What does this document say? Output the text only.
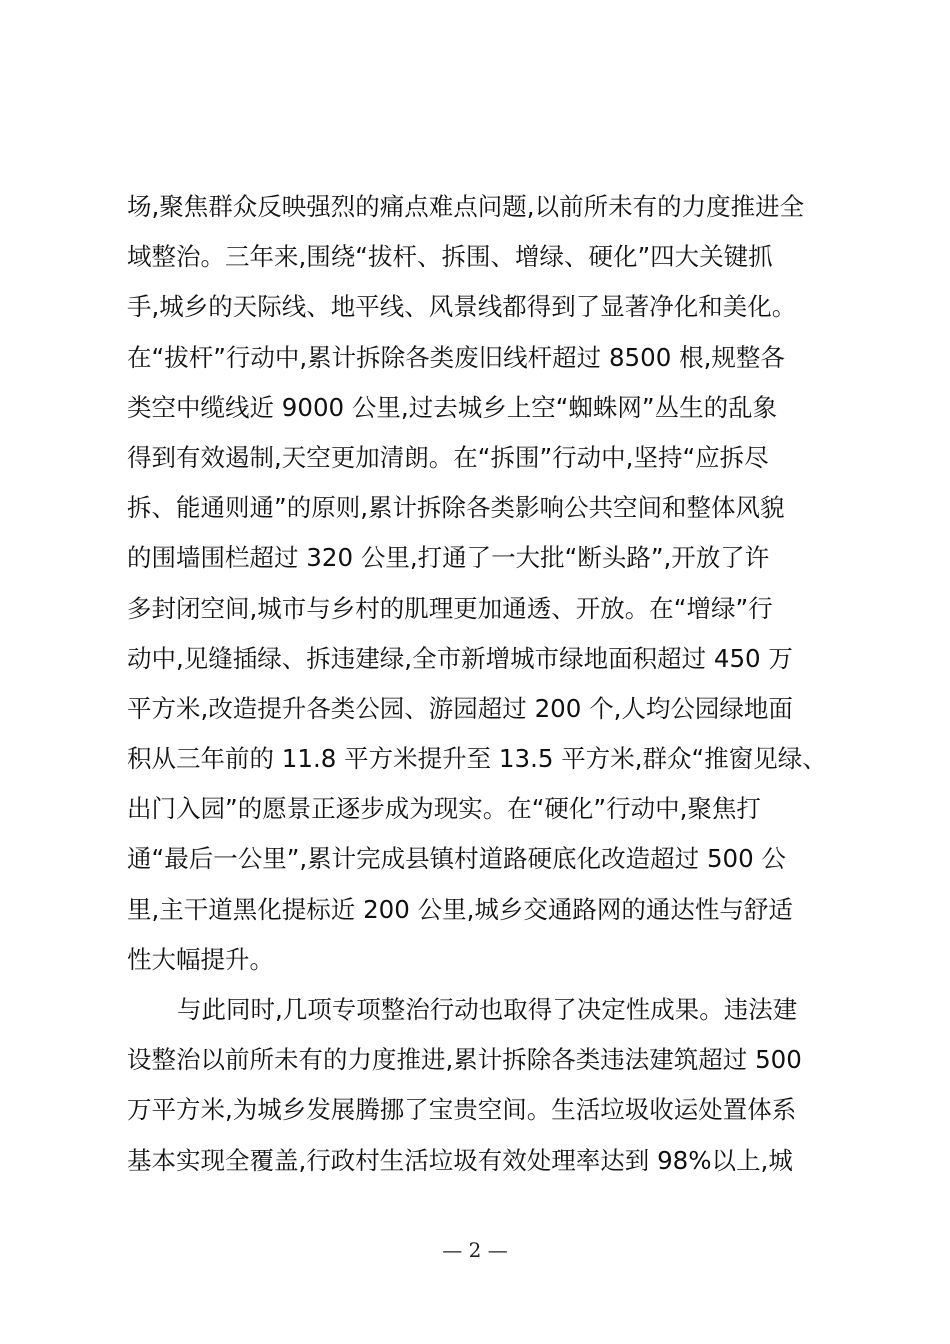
场,聚焦群众反映强烈的痛点难点问题,以前所未有的力度推进全
域整治。三年来,围绕“拔杆、拆围、增绿、硬化”四大关键抓
手,城乡的天际线、地平线、风景线都得到了显著净化和美化。
在“拔杆”行动中,累计拆除各类废旧线杆超过 8500 根,规整各
类空中缆线近 9000 公里,过去城乡上空“蜘蛛网”丛生的乱象
得到有效遏制,天空更加清朗。在“拆围”行动中,坚持“应拆尽
拆、能通则通”的原则,累计拆除各类影响公共空间和整体风貌
的围墙围栏超过 320 公里,打通了一大批“断头路”,开放了许
多封闭空间,城市与乡村的肌理更加通透、开放。在“增绿”行
动中,见缝插绿、拆违建绿,全市新增城市绿地面积超过 450 万
平方米,改造提升各类公园、游园超过 200 个,人均公园绿地面
积从三年前的 11.8 平方米提升至 13.5 平方米,群众“推窗见绿、
出门入园”的愿景正逐步成为现实。在“硬化”行动中,聚焦打
通“最后一公里”,累计完成县镇村道路硬底化改造超过 500 公
里,主干道黑化提标近 200 公里,城乡交通路网的通达性与舒适
性大幅提升。
与此同时,几项专项整治行动也取得了决定性成果。违法建
设整治以前所未有的力度推进,累计拆除各类违法建筑超过 500
万平方米,为城乡发展腾挪了宝贵空间。生活垃圾收运处置体系
基本实现全覆盖,行政村生活垃圾有效处理率达到 98%以上,城
— 2 —
